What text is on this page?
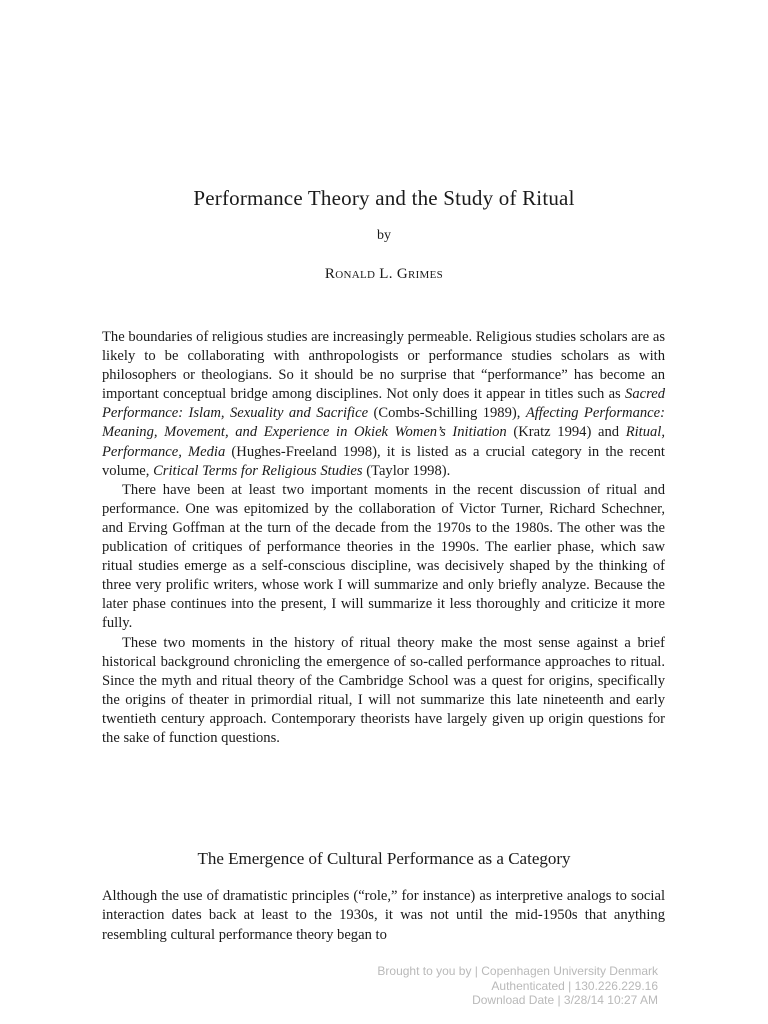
Performance Theory and the Study of Ritual
by
Ronald L. Grimes

The boundaries of religious studies are increasingly permeable. Religious studies scholars are as likely to be collaborating with anthropologists or performance studies scholars as with philosophers or theologians. So it should be no surprise that “performance” has become an important conceptual bridge among disciplines. Not only does it appear in titles such as Sacred Performance: Islam, Sexuality and Sacrifice (Combs-Schilling 1989), Affecting Performance: Meaning, Movement, and Experience in Okiek Women’s Initiation (Kratz 1994) and Ritual, Performance, Media (Hughes-Freeland 1998), it is listed as a crucial category in the recent volume, Critical Terms for Religious Studies (Taylor 1998).

There have been at least two important moments in the recent discussion of ritual and performance. One was epitomized by the collaboration of Victor Turner, Richard Schechner, and Erving Goffman at the turn of the decade from the 1970s to the 1980s. The other was the publication of critiques of performance theories in the 1990s. The earlier phase, which saw ritual studies emerge as a self-conscious discipline, was decisively shaped by the thinking of three very prolific writers, whose work I will summarize and only briefly analyze. Because the later phase continues into the present, I will summarize it less thoroughly and criticize it more fully.

These two moments in the history of ritual theory make the most sense against a brief historical background chronicling the emergence of so-called performance approaches to ritual. Since the myth and ritual theory of the Cambridge School was a quest for origins, specifically the origins of theater in primordial ritual, I will not summarize this late nineteenth and early twentieth century approach. Contemporary theorists have largely given up origin questions for the sake of function questions.

The Emergence of Cultural Performance as a Category

Although the use of dramatistic principles (“role,” for instance) as interpretive analogs to social interaction dates back at least to the 1930s, it was not until the mid-1950s that anything resembling cultural performance theory began to

Brought to you by | Copenhagen University Denmark
Authenticated | 130.226.229.16
Download Date | 3/28/14 10:27 AM
